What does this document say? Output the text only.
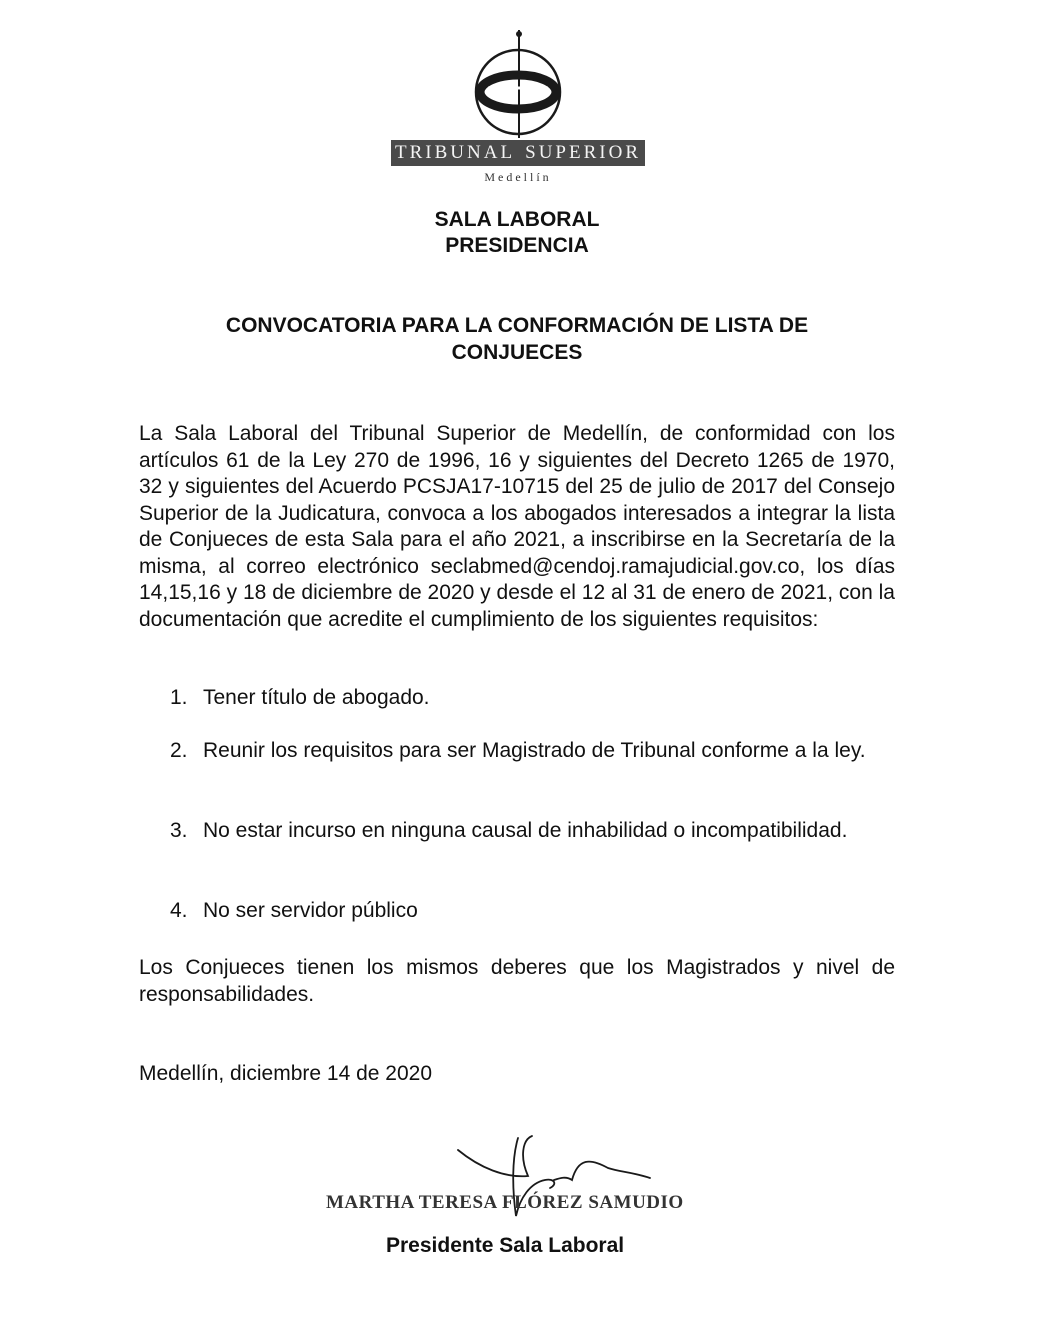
TRIBUNAL SUPERIOR
Medellín
SALA LABORAL
PRESIDENCIA
CONVOCATORIA PARA LA CONFORMACIÓN DE LISTA DE
CONJUECES
La Sala Laboral del Tribunal Superior de Medellín, de conformidad con los artículos 61 de la Ley 270 de 1996, 16 y siguientes del Decreto 1265 de 1970, 32 y siguientes del Acuerdo PCSJA17-10715 del 25 de julio de 2017 del Consejo Superior de la Judicatura, convoca a los abogados interesados a integrar la lista de Conjueces de esta Sala para el año 2021, a inscribirse en la Secretaría de la misma, al correo electrónico seclabmed@cendoj.ramajudicial.gov.co, los días 14,15,16 y 18 de diciembre de 2020 y desde el 12 al 31 de enero de 2021, con la documentación que acredite el cumplimiento de los siguientes requisitos:
1. Tener título de abogado.
2. Reunir los requisitos para ser Magistrado de Tribunal conforme a la ley.
3. No estar incurso en ninguna causal de inhabilidad o incompatibilidad.
4. No ser servidor público
Los Conjueces tienen los mismos deberes que los Magistrados y nivel de responsabilidades.
Medellín, diciembre 14 de 2020
MARTHA TERESA FLÓREZ SAMUDIO
Presidente Sala Laboral
